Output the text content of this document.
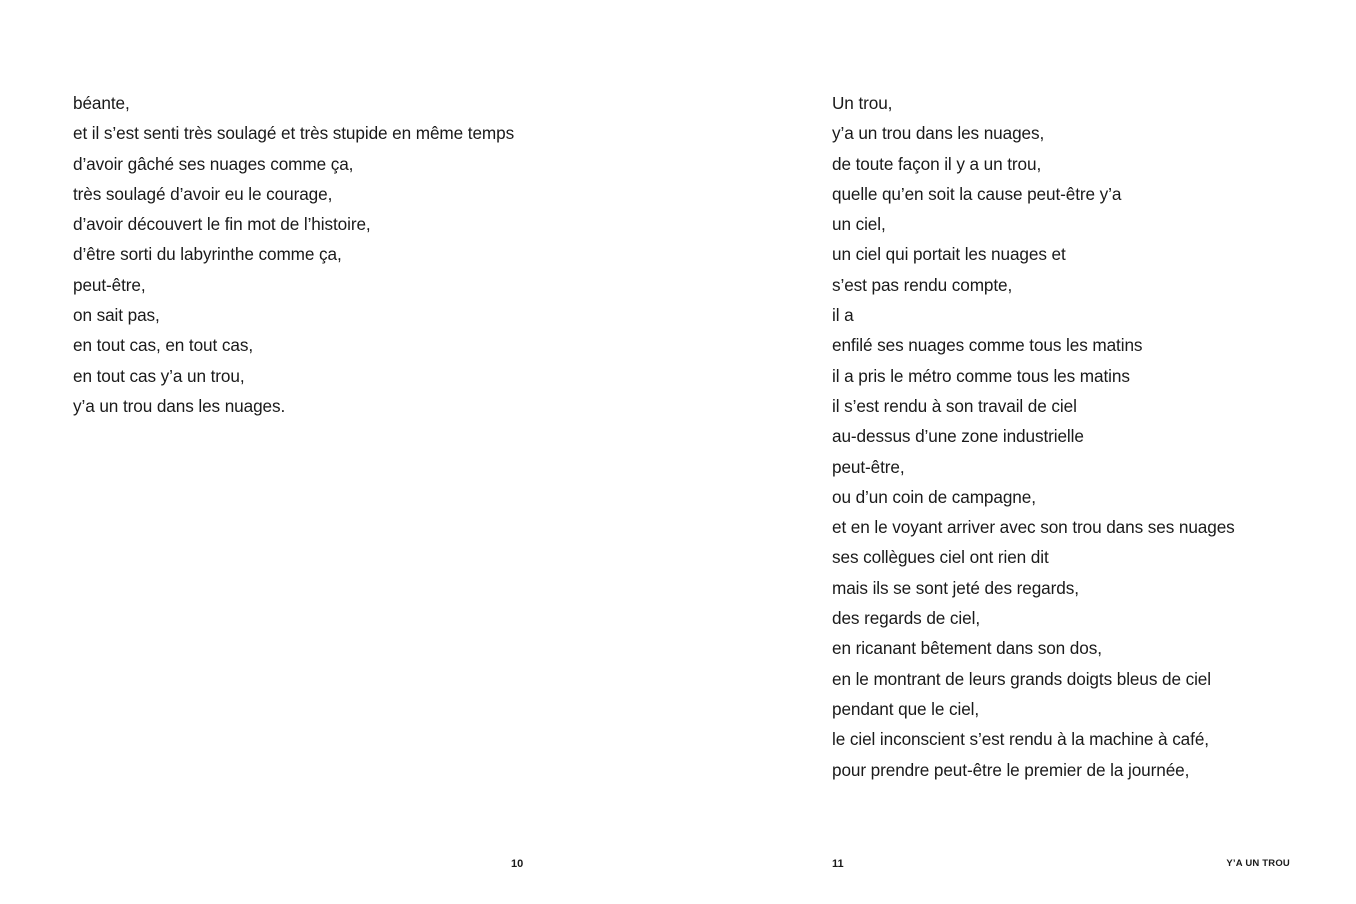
béante,
et il s’est senti très soulagé et très stupide en même temps
d’avoir gâché ses nuages comme ça,
très soulagé d’avoir eu le courage,
d’avoir découvert le fin mot de l’histoire,
d’être sorti du labyrinthe comme ça,
peut-être,
on sait pas,
en tout cas, en tout cas,
en tout cas y’a un trou,
y’a un trou dans les nuages.
10
Un trou,
y’a un trou dans les nuages,
de toute façon il y a un trou,
quelle qu’en soit la cause peut-être y’a
un ciel,
un ciel qui portait les nuages et
s’est pas rendu compte,
il a
enfilé ses nuages comme tous les matins
il a pris le métro comme tous les matins
il s’est rendu à son travail de ciel
au-dessus d’une zone industrielle
peut-être,
ou d’un coin de campagne,
et en le voyant arriver avec son trou dans ses nuages
ses collègues ciel ont rien dit
mais ils se sont jeté des regards,
des regards de ciel,
en ricanant bêtement dans son dos,
en le montrant de leurs grands doigts bleus de ciel
pendant que le ciel,
le ciel inconscient s’est rendu à la machine à café,
pour prendre peut-être le premier de la journée,
11	Y’A UN TROU
